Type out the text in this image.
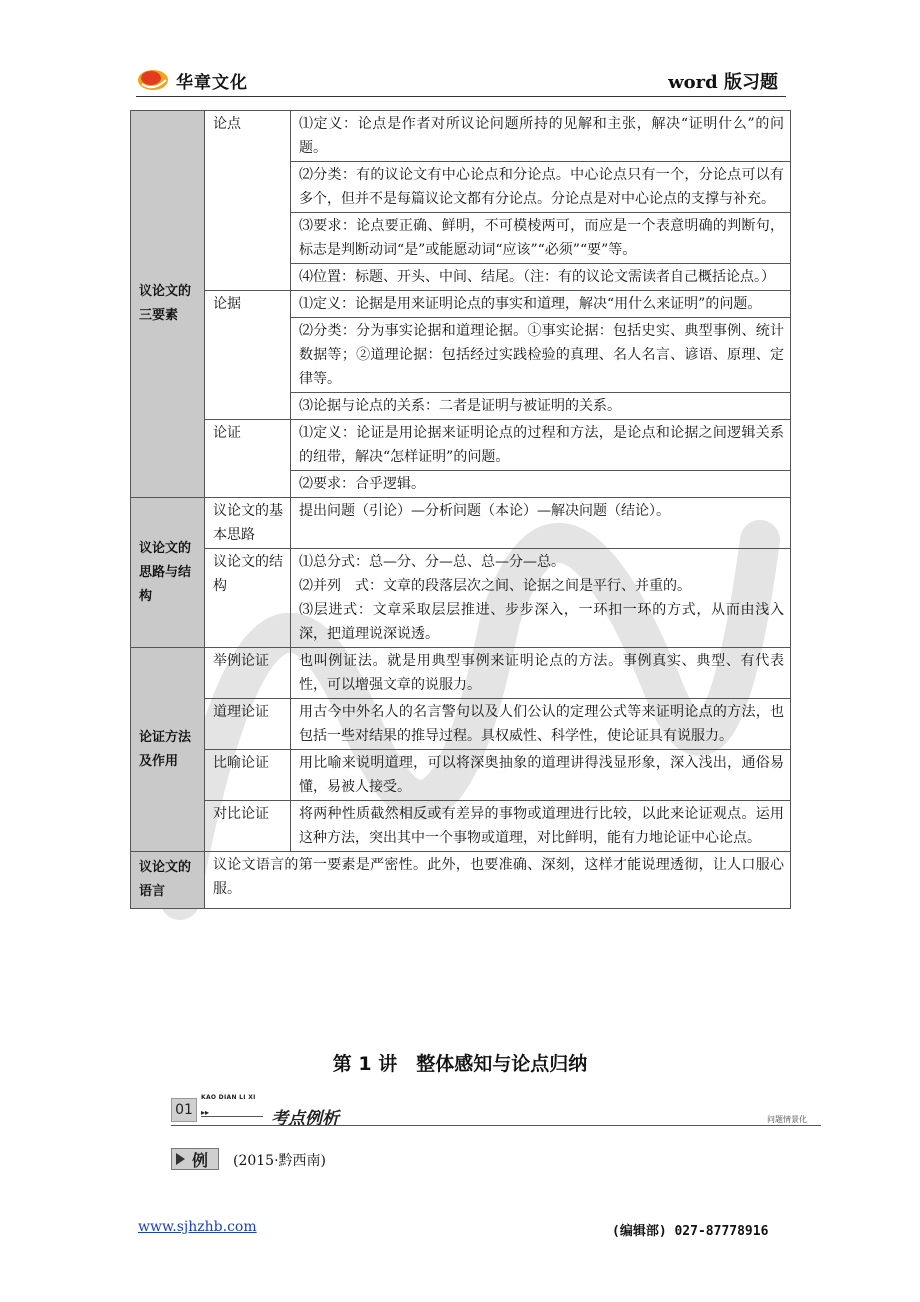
华章文化	word 版习题
议论文的三要素	论点	⑴定义：论点是作者对所议论问题所持的见解和主张，解决“证明什么”的问题。
		⑵分类：有的议论文有中心论点和分论点。中心论点只有一个，分论点可以有多个，但并不是每篇议论文都有分论点。分论点是对中心论点的支撑与补充。
		⑶要求：论点要正确、鲜明，不可模棱两可，而应是一个表意明确的判断句，标志是判断动词“是”或能愿动词“应该”“必须”“要”等。
		⑷位置：标题、开头、中间、结尾。（注：有的议论文需读者自己概括论点。）
	论据	⑴定义：论据是用来证明论点的事实和道理，解决“用什么来证明”的问题。
		⑵分类：分为事实论据和道理论据。①事实论据：包括史实、典型事例、统计数据等；②道理论据：包括经过实践检验的真理、名人名言、谚语、原理、定律等。
		⑶论据与论点的关系：二者是证明与被证明的关系。
	论证	⑴定义：论证是用论据来证明论点的过程和方法，是论点和论据之间逻辑关系的纽带，解决“怎样证明”的问题。
		⑵要求：合乎逻辑。
议论文的思路与结构	议论文的基本思路	提出问题（引论）—分析问题（本论）—解决问题（结论）。
	议论文的结构	⑴总分式：总—分、分—总、总—分—总。
⑵并列　式：文章的段落层次之间、论据之间是平行、并重的。
⑶层进式：文章采取层层推进、步步深入，一环扣一环的方式，从而由浅入深，把道理说深说透。
论证方法及作用	举例论证	也叫例证法。就是用典型事例来证明论点的方法。事例真实、典型、有代表性，可以增强文章的说服力。
	道理论证	用古今中外名人的名言警句以及人们公认的定理公式等来证明论点的方法，也包括一些对结果的推导过程。具权威性、科学性，使论证具有说服力。
	比喻论证	用比喻来说明道理，可以将深奥抽象的道理讲得浅显形象，深入浅出，通俗易懂，易被人接受。
	对比论证	将两种性质截然相反或有差异的事物或道理进行比较，以此来论证观点。运用这种方法，突出其中一个事物或道理，对比鲜明，能有力地论证中心论点。
议论文的语言	议论文语言的第一要素是严密性。此外，也要准确、深刻，这样才能说理透彻，让人口服心服。	
第 1 讲　整体感知与论点归纳
01
KAO DIAN LI XI
▸▸	考点例析	问题情景化
例 (2015·黔西南)
www.sjhzhb.com	(编辑部) 027-87778916
